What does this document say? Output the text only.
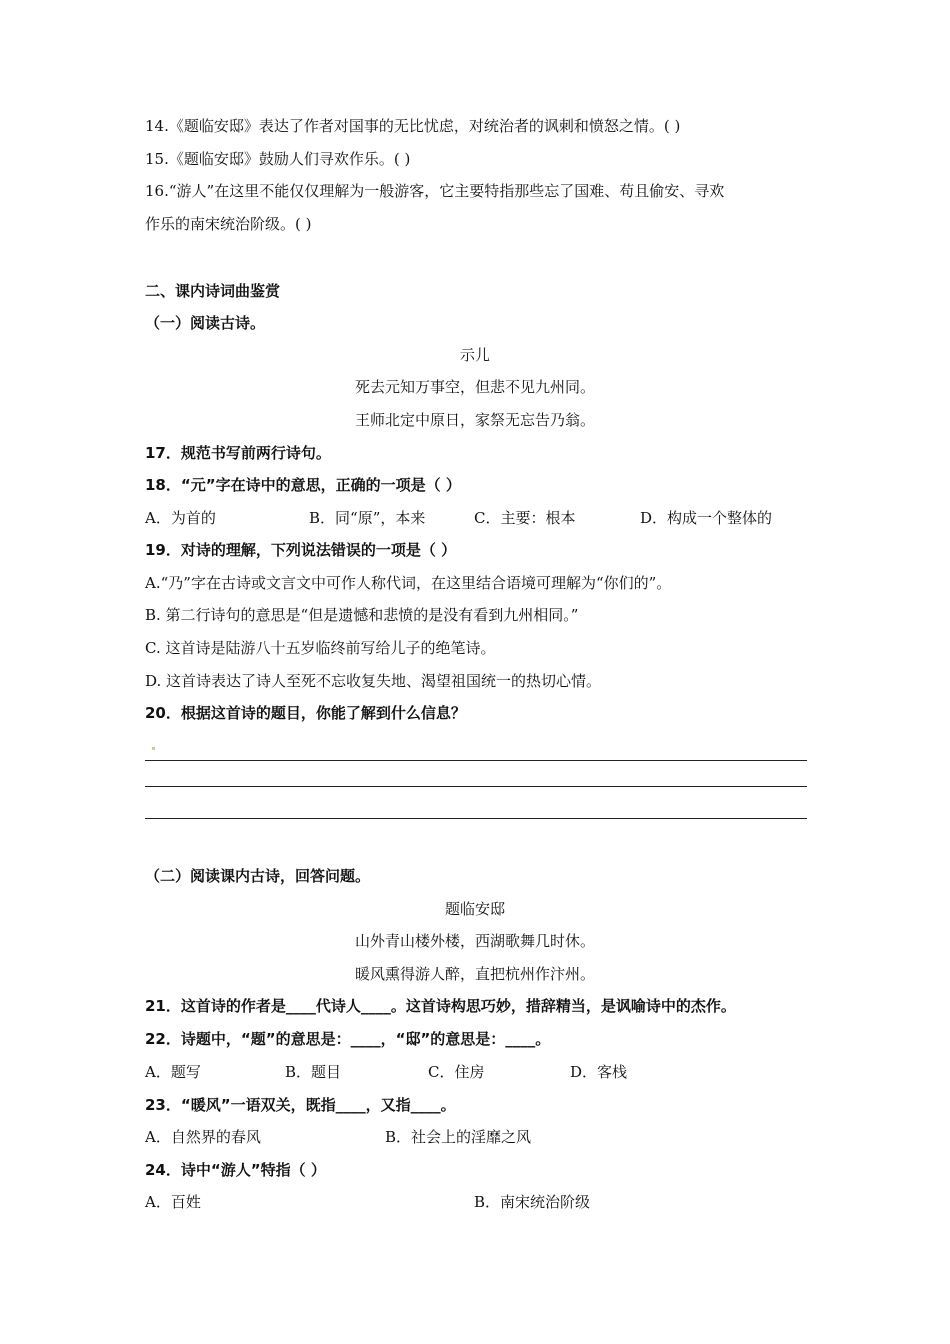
14.《题临安邸》表达了作者对国事的无比忧虑，对统治者的讽刺和愤怒之情。( )
15.《题临安邸》鼓励人们寻欢作乐。( )
16.“游人”在这里不能仅仅理解为一般游客，它主要特指那些忘了国难、苟且偷安、寻欢
作乐的南宋统治阶级。( )
二、课内诗词曲鉴赏
（一）阅读古诗。
示儿
死去元知万事空，但悲不见九州同。
王师北定中原日，家祭无忘告乃翁。
17．规范书写前两行诗句。
18．“元”字在诗中的意思，正确的一项是（ ）
A．为首的	B．同“原”，本来	C．主要：根本	D．构成一个整体的
19．对诗的理解，下列说法错误的一项是（ ）
A.“乃”字在古诗或文言文中可作人称代词，在这里结合语境可理解为“你们的”。
B. 第二行诗句的意思是“但是遗憾和悲愤的是没有看到九州相同。”
C. 这首诗是陆游八十五岁临终前写给儿子的绝笔诗。
D. 这首诗表达了诗人至死不忘收复失地、渴望祖国统一的热切心情。
20．根据这首诗的题目，你能了解到什么信息？
（二）阅读课内古诗，回答问题。
题临安邸
山外青山楼外楼，西湖歌舞几时休。
暖风熏得游人醉，直把杭州作汴州。
21．这首诗的作者是____代诗人____。这首诗构思巧妙，措辞精当，是讽喻诗中的杰作。
22．诗题中，“题”的意思是：____，“邸”的意思是：____。
A．题写	B．题目	C．住房	D．客栈
23．“暖风”一语双关，既指____，又指____。
A．自然界的春风	B．社会上的淫靡之风
24．诗中“游人”特指（ ）
A．百姓	B．南宋统治阶级
